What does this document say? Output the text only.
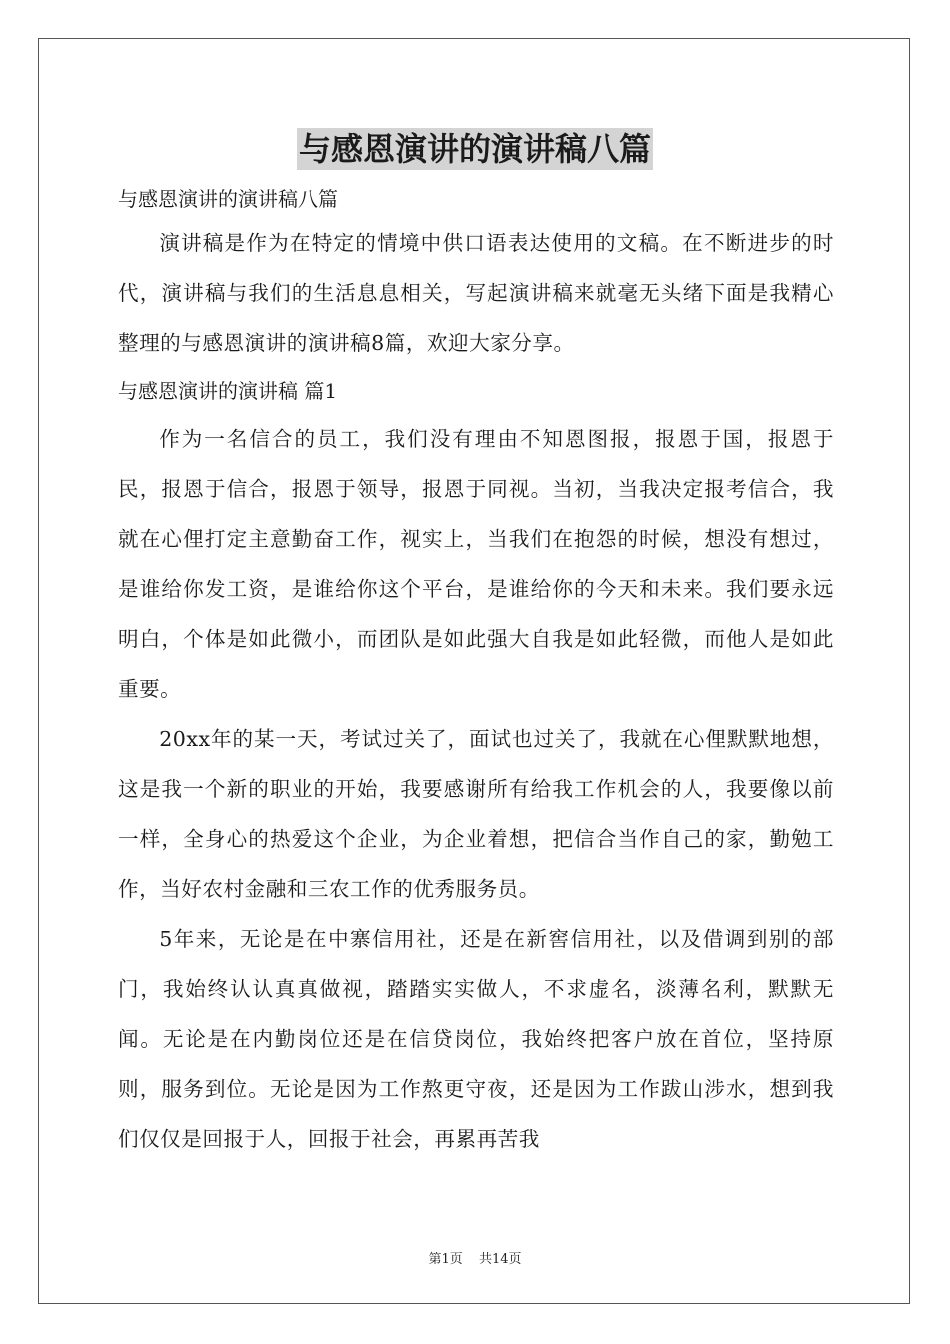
与感恩演讲的演讲稿八篇

与感恩演讲的演讲稿八篇

演讲稿是作为在特定的情境中供口语表达使用的文稿。在不断进步的时代，演讲稿与我们的生活息息相关，写起演讲稿来就毫无头绪下面是我精心整理的与感恩演讲的演讲稿8篇，欢迎大家分享。

与感恩演讲的演讲稿 篇1

作为一名信合的员工，我们没有理由不知恩图报，报恩于国，报恩于民，报恩于信合，报恩于领导，报恩于同视。当初，当我决定报考信合，我就在心俚打定主意勤奋工作，视实上，当我们在抱怨的时候，想没有想过，是谁给你发工资，是谁给你这个平台，是谁给你的今天和未来。我们要永远明白，个体是如此微小，而团队是如此强大自我是如此轻微，而他人是如此重要。

20xx年的某一天，考试过关了，面试也过关了，我就在心俚默默地想，这是我一个新的职业的开始，我要感谢所有给我工作机会的人，我要像以前一样，全身心的热爱这个企业，为企业着想，把信合当作自己的家，勤勉工作，当好农村金融和三农工作的优秀服务员。

5年来，无论是在中寨信用社，还是在新窖信用社，以及借调到别的部门，我始终认认真真做视，踏踏实实做人，不求虚名，淡薄名利，默默无闻。无论是在内勤岗位还是在信贷岗位，我始终把客户放在首位，坚持原则，服务到位。无论是因为工作熬更守夜，还是因为工作跋山涉水，想到我们仅仅是回报于人，回报于社会，再累再苦我

第1页 共14页
